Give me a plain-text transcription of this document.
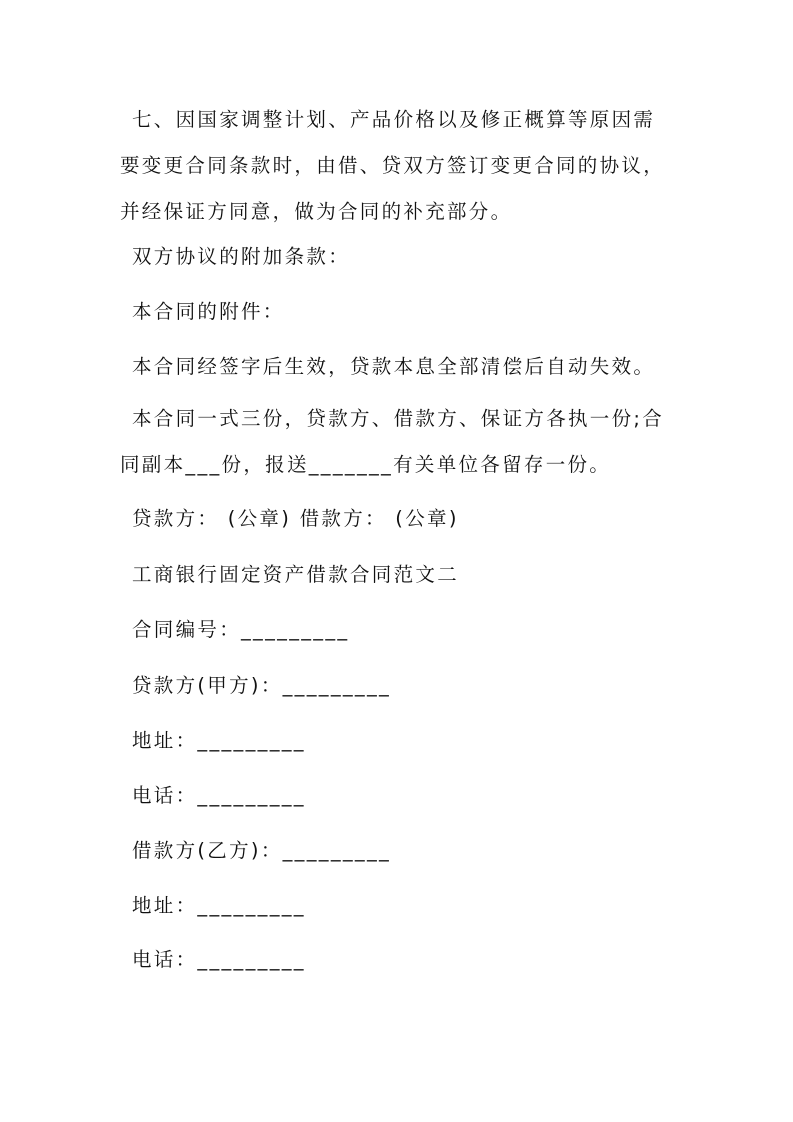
七、因国家调整计划、产品价格以及修正概算等原因需要变更合同条款时，由借、贷双方签订变更合同的协议，并经保证方同意，做为合同的补充部分。

双方协议的附加条款：

本合同的附件：

本合同经签字后生效，贷款本息全部清偿后自动失效。

本合同一式三份，贷款方、借款方、保证方各执一份;合同副本___份，报送_______有关单位各留存一份。

贷款方： (公章) 借款方： (公章)

工商银行固定资产借款合同范文二

合同编号：_________

贷款方(甲方)：_________

地址：_________

电话：_________

借款方(乙方)：_________

地址：_________

电话：_________
